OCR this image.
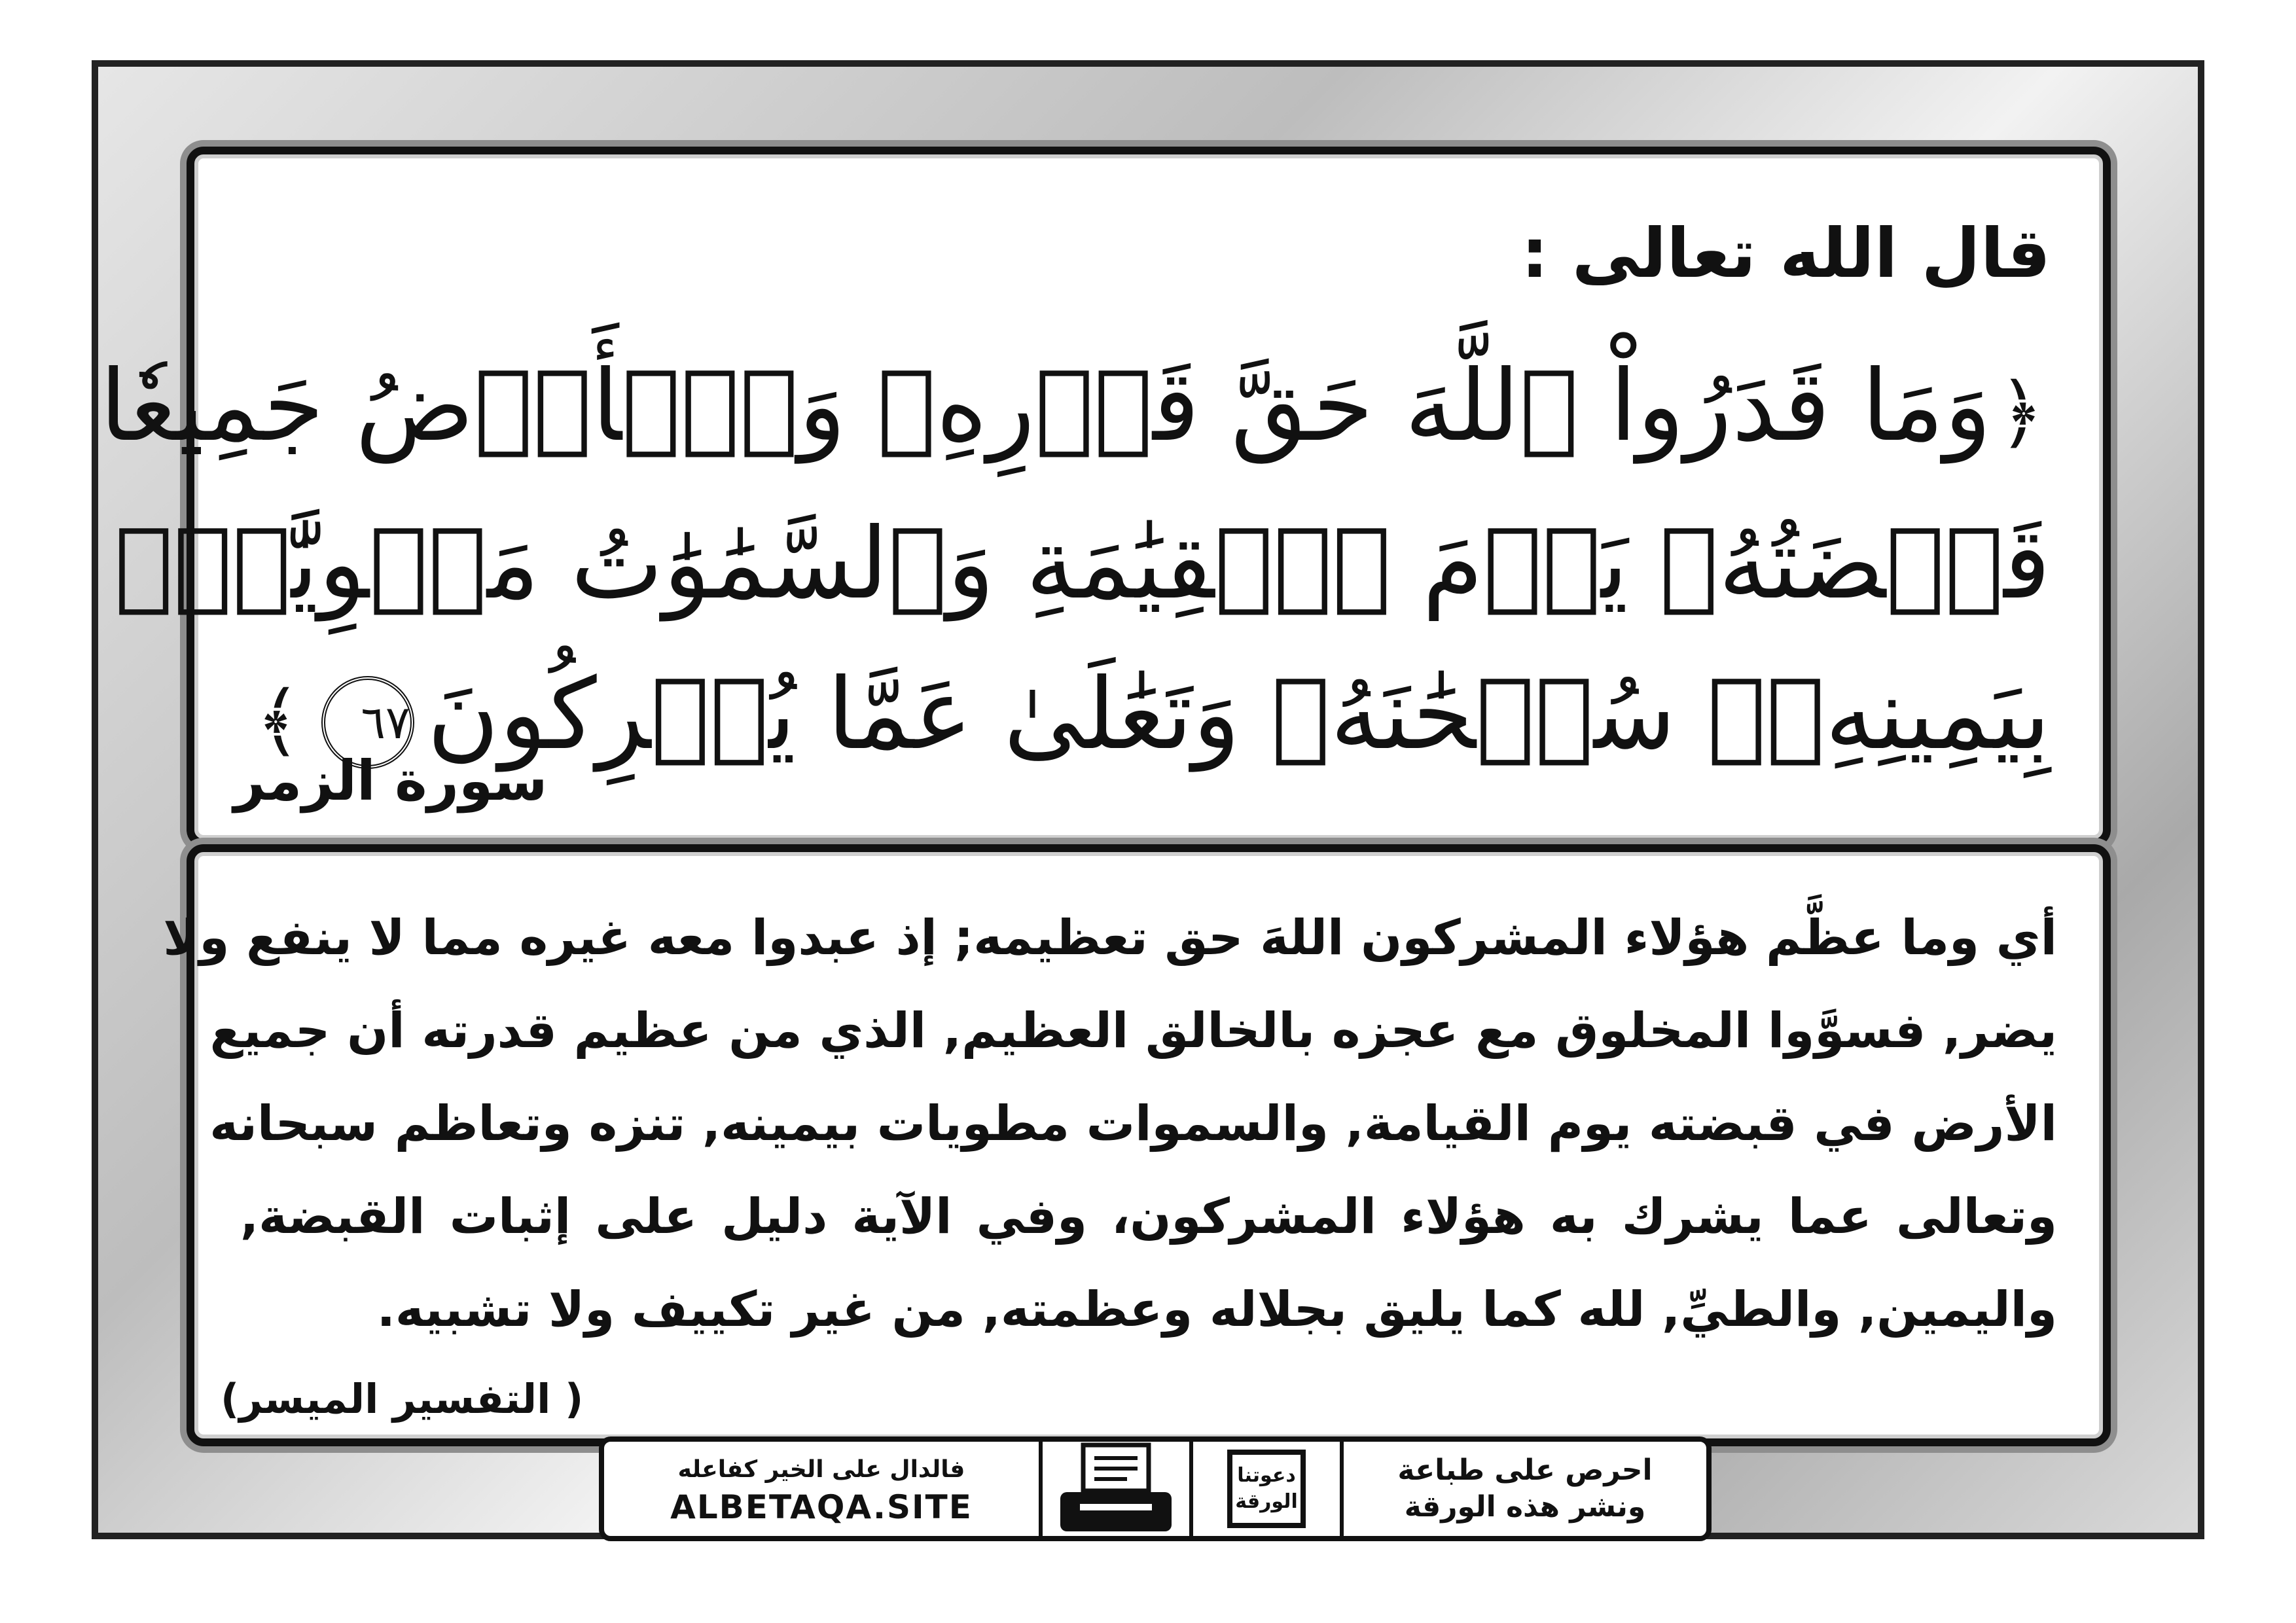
قال الله تعالى :
﴿وَمَا قَدَرُواْ ٱللَّهَ حَقَّ قَدۡرِهِۦ وَٱلۡأَرۡضُ جَمِيعٗا
قَبۡضَتُهُۥ يَوۡمَ ٱلۡقِيَٰمَةِ وَٱلسَّمَٰوَٰتُ مَطۡوِيَّٰتُۢ
بِيَمِينِهِۦۚ سُبۡحَٰنَهُۥ وَتَعَٰلَىٰ عَمَّا يُشۡرِكُونَ٦٧﴾
سورة الزمر
أي وما عظَّم هؤلاء المشركون اللهَ حق تعظيمه; إذ عبدوا معه غيره مما لا ينفع ولا
يضر, فسوَّوا المخلوق مع عجزه بالخالق العظيم, الذي من عظيم قدرته أن جميع
الأرض في قبضته يوم القيامة, والسموات مطويات بيمينه, تنزه وتعاظم سبحانه
وتعالى عما يشرك به هؤلاء المشركون، وفي الآية دليل على إثبات القبضة,
واليمين, والطيِّ, لله كما يليق بجلاله وعظمته, من غير تكييف ولا تشبيه.
( التفسير الميسر)
احرص على طباعة
ونشر هذه الورقة
دعوتنا
الورقة
فالدال على الخير كفاعله
ALBETAQA.SITE
